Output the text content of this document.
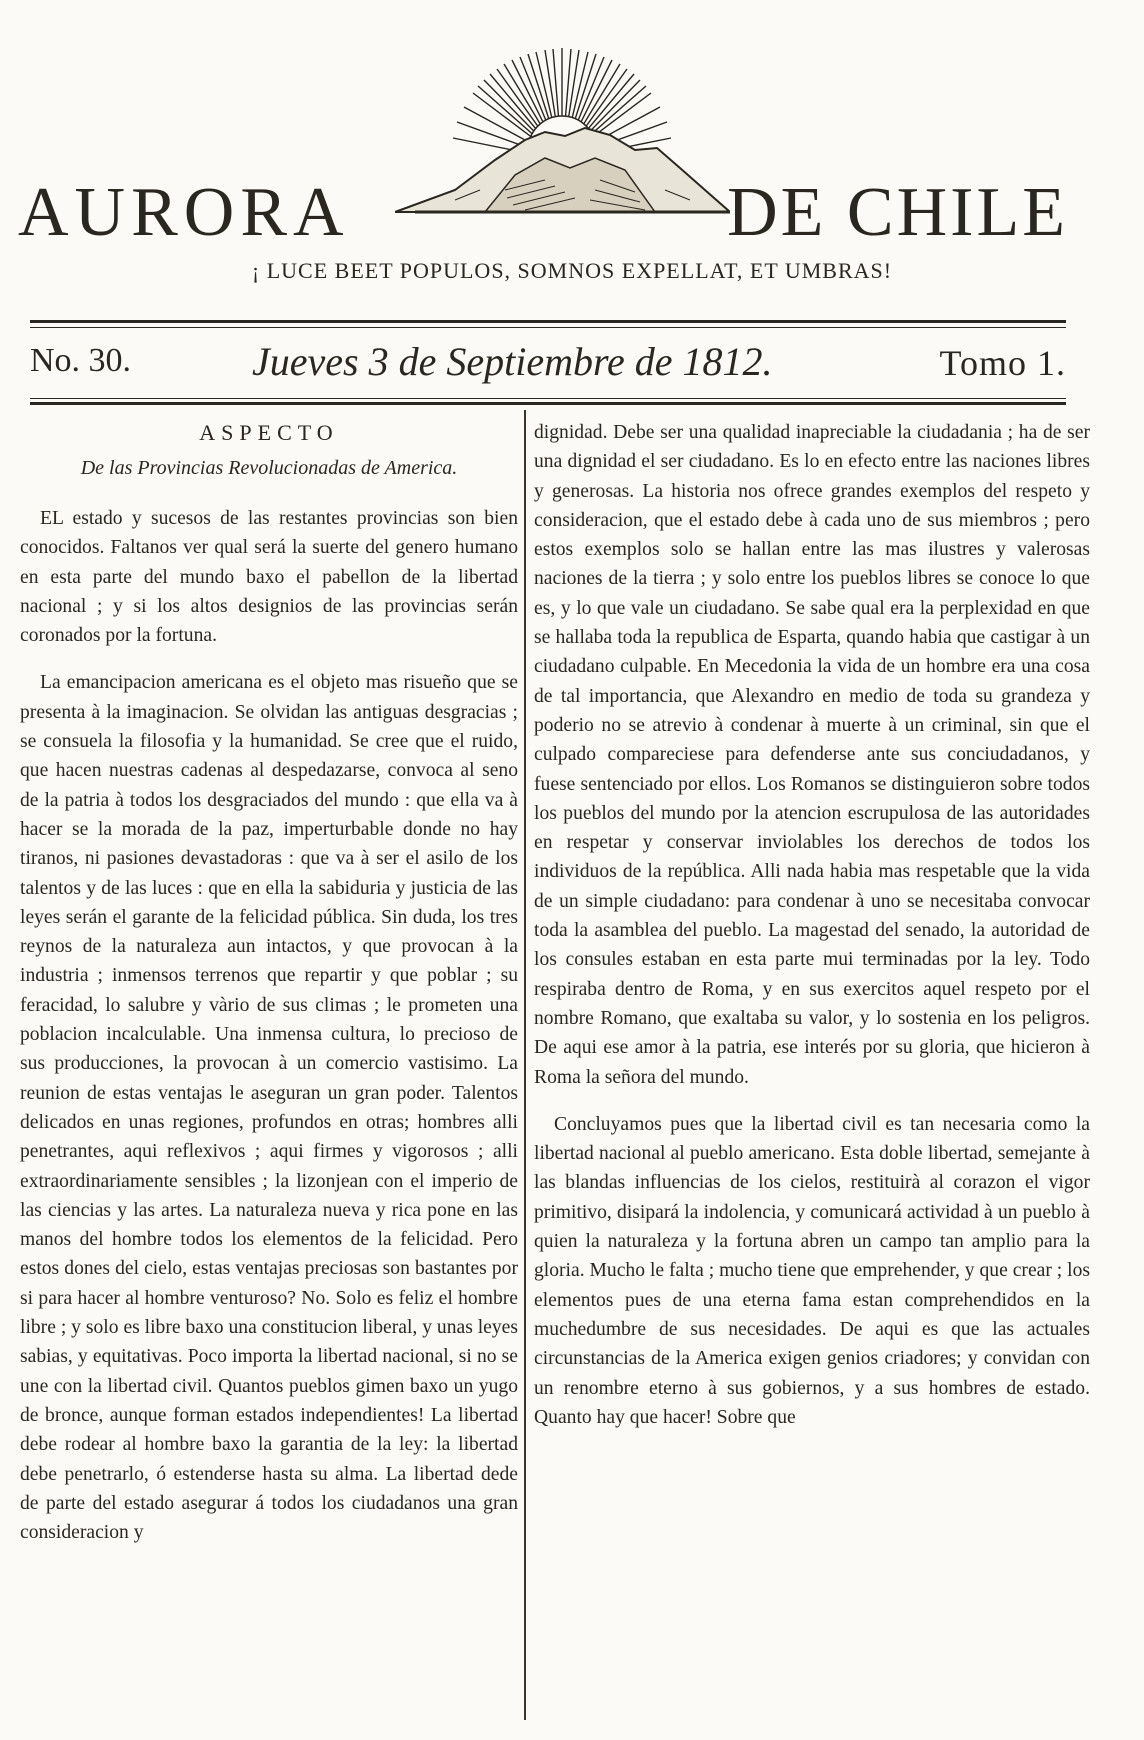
AURORA	DE CHILE
¡ LUCE BEET POPULOS, SOMNOS EXPELLAT, ET UMBRAS!
No. 30.	Jueves 3 de Septiembre de 1812.	Tomo 1.
ASPECTO
De las Provincias Revolucionadas de America.

EL estado y sucesos de las restantes provincias son bien conocidos. Faltanos ver qual será la suerte del genero humano en esta parte del mundo baxo el pabellon de la libertad nacional ; y si los altos designios de las provincias serán coronados por la fortuna.

La emancipacion americana es el objeto mas risueño que se presenta à la imaginacion. Se olvidan las antiguas desgracias ; se consuela la filosofia y la humanidad. Se cree que el ruido, que hacen nuestras cadenas al despedazarse, convoca al seno de la patria à todos los desgraciados del mundo : que ella va à hacer se la morada de la paz, imperturbable donde no hay tiranos, ni pasiones devastadoras : que va à ser el asilo de los talentos y de las luces : que en ella la sabiduria y justicia de las leyes serán el garante de la felicidad pública. Sin duda, los tres reynos de la naturaleza aun intactos, y que provocan à la industria ; inmensos terrenos que repartir y que poblar ; su feracidad, lo salubre y vàrio de sus climas ; le prometen una poblacion incalculable. Una inmensa cultura, lo precioso de sus producciones, la provocan à un comercio vastisimo. La reunion de estas ventajas le aseguran un gran poder. Talentos delicados en unas regiones, profundos en otras; hombres alli penetrantes, aqui reflexivos ; aqui firmes y vigorosos ; alli extraordinariamente sensibles ; la lizonjean con el imperio de las ciencias y las artes. La naturaleza nueva y rica pone en las manos del hombre todos los elementos de la felicidad. Pero estos dones del cielo, estas ventajas preciosas son bastantes por si para hacer al hombre venturoso? No. Solo es feliz el hombre libre ; y solo es libre baxo una constitucion liberal, y unas leyes sabias, y equitativas. Poco importa la libertad nacional, si no se une con la libertad civil. Quantos pueblos gimen baxo un yugo de bronce, aunque forman estados independientes! La libertad debe rodear al hombre baxo la garantia de la ley: la libertad debe penetrarlo, ó estenderse hasta su alma. La libertad dede de parte del estado asegurar á todos los ciudadanos una gran consideracion y

dignidad. Debe ser una qualidad inapreciable la ciudadania ; ha de ser una dignidad el ser ciudadano. Es lo en efecto entre las naciones libres y generosas. La historia nos ofrece grandes exemplos del respeto y consideracion, que el estado debe à cada uno de sus miembros ; pero estos exemplos solo se hallan entre las mas ilustres y valerosas naciones de la tierra ; y solo entre los pueblos libres se conoce lo que es, y lo que vale un ciudadano. Se sabe qual era la perplexidad en que se hallaba toda la republica de Esparta, quando habia que castigar à un ciudadano culpable. En Mecedonia la vida de un hombre era una cosa de tal importancia, que Alexandro en medio de toda su grandeza y poderio no se atrevio à condenar à muerte à un criminal, sin que el culpado compareciese para defenderse ante sus conciudadanos, y fuese sentenciado por ellos. Los Romanos se distinguieron sobre todos los pueblos del mundo por la atencion escrupulosa de las autoridades en respetar y conservar inviolables los derechos de todos los individuos de la república. Alli nada habia mas respetable que la vida de un simple ciudadano: para condenar à uno se necesitaba convocar toda la asamblea del pueblo. La magestad del senado, la autoridad de los consules estaban en esta parte mui terminadas por la ley. Todo respiraba dentro de Roma, y en sus exercitos aquel respeto por el nombre Romano, que exaltaba su valor, y lo sostenia en los peligros. De aqui ese amor à la patria, ese interés por su gloria, que hicieron à Roma la señora del mundo.

Concluyamos pues que la libertad civil es tan necesaria como la libertad nacional al pueblo americano. Esta doble libertad, semejante à las blandas influencias de los cielos, restituirà al corazon el vigor primitivo, disipará la indolencia, y comunicará actividad à un pueblo à quien la naturaleza y la fortuna abren un campo tan amplio para la gloria. Mucho le falta ; mucho tiene que emprehender, y que crear ; los elementos pues de una eterna fama estan comprehendidos en la muchedumbre de sus necesidades. De aqui es que las actuales circunstancias de la America exigen genios criadores; y convidan con un renombre eterno à sus gobiernos, y a sus hombres de estado. Quanto hay que hacer! Sobre que
